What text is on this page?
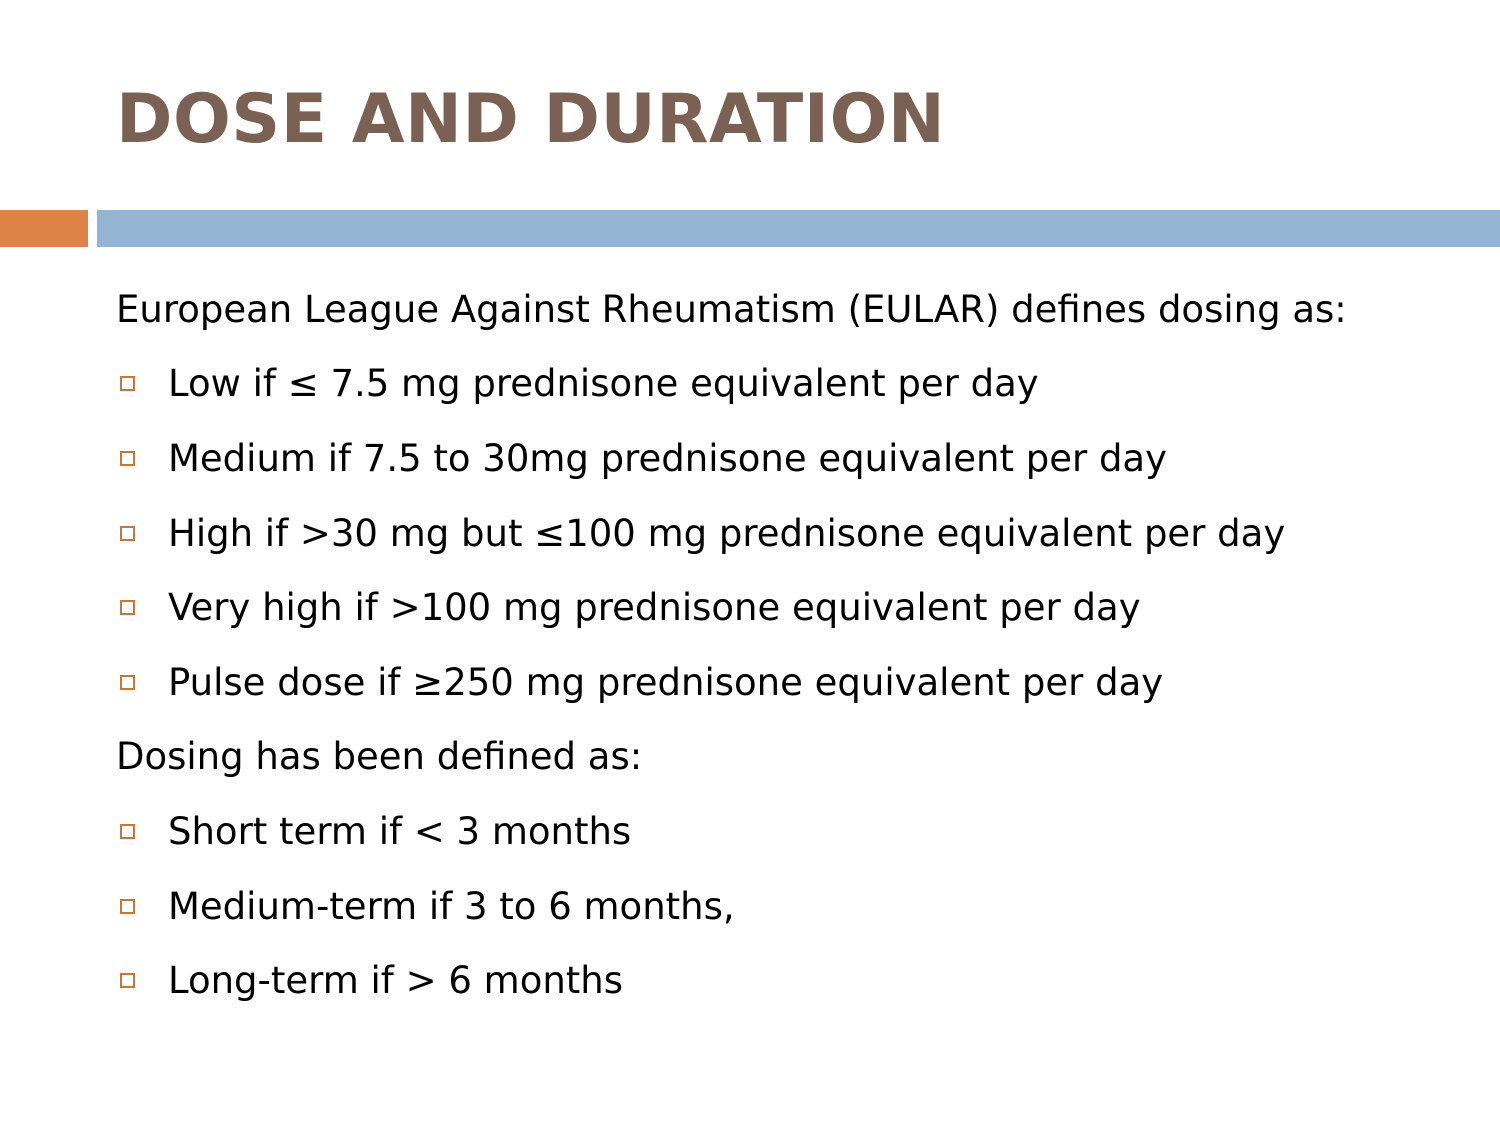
DOSE AND DURATION
European League Against Rheumatism (EULAR) defines dosing as:
Low if ≤ 7.5 mg prednisone equivalent per day
Medium if 7.5 to 30mg prednisone equivalent per day
High if >30 mg but ≤100 mg prednisone equivalent per day
Very high if >100 mg prednisone equivalent per day
Pulse dose if ≥250 mg prednisone equivalent per day
Dosing has been defined as:
Short term if < 3 months
Medium-term if 3 to 6 months,
Long-term if > 6 months
